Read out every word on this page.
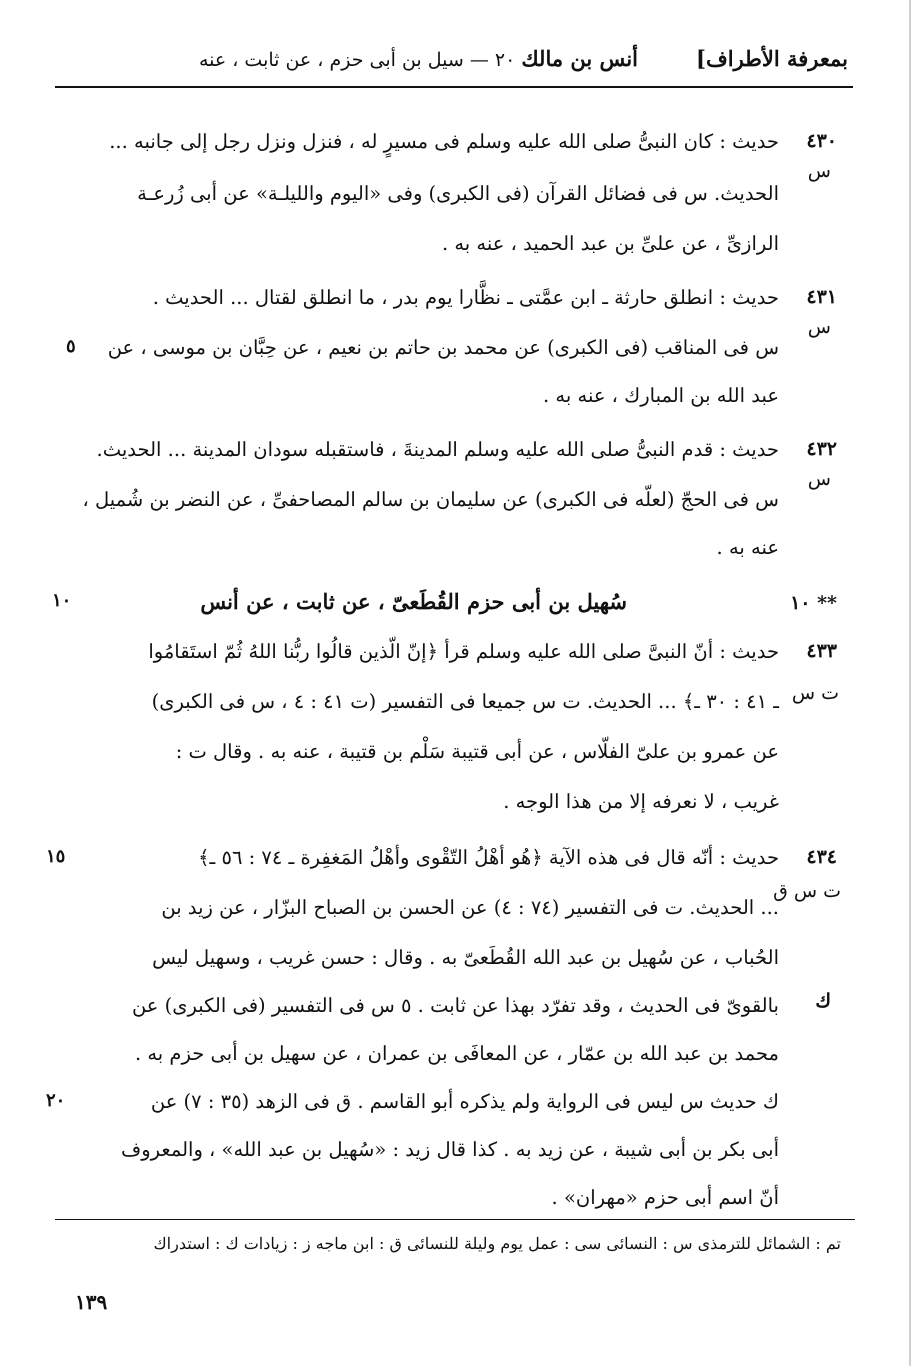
بمعرفة الأطراف]
أنس بن مالك ٢٠ — سيل بن أبى حزم ، عن ثابت ، عنه
٤٣٠
س
حديث : كان النبىُّ صلى الله عليه وسلم فى مسيرٍ له ، فنزل ونزل رجل إلى جانبه ...
الحديث. س فى فضائل القرآن (فى الكبرى) وفى «اليوم والليلـة» عن أبى زُرعـة
الرازىِّ ، عن علىِّ بن عبد الحميد ، عنه به .
٤٣١
س
حديث : انطلق حارثة ـ ابن عمَّتى ـ نظَّارا يوم بدر ، ما انطلق لقتال ... الحديث .
س فى المناقب (فى الكبرى) عن محمد بن حاتم بن نعيم ، عن حِبَّان بن موسى ، عن
عبد الله بن المبارك ، عنه به .
٥
٤٣٢
س
حديث : قدم النبىُّ صلى الله عليه وسلم المدينةَ ، فاستقبله سودان المدينة ... الحديث.
س فى الحجّ (لعلّه فى الكبرى) عن سليمان بن سالم المصاحفىِّ ، عن النضر بن شُميل ،
عنه به .
** ١٠
سُهيل بن أبى حزم القُطَعىّ ، عن ثابت ، عن أنس
١٠
٤٣٣
ت س
حديث : أنّ النبىَّ صلى الله عليه وسلم قرأ ﴿إنّ الّذين قالُوا ربُّنا اللهُ ثُمّ استَقامُوا
ـ ٤١ : ٣٠ ـ﴾ ... الحديث. ت س جميعا فى التفسير (ت ٤١ : ٤ ، س فى الكبرى)
عن عمرو بن علىّ الفلّاس ، عن أبى قتيبة سَلْم بن قتيبة ، عنه به . وقال ت :
غريب ، لا نعرفه إلا من هذا الوجه .
٤٣٤
ت س ق
ك
حديث : أنّه قال فى هذه الآية ﴿هُو أهْلُ التّقْوى وأهْلُ المَغفِرة ـ ٧٤ : ٥٦ ـ﴾
... الحديث. ت فى التفسير (٧٤ : ٤) عن الحسن بن الصباح البزّار ، عن زيد بن
الحُباب ، عن سُهيل بن عبد الله القُطَعىّ به . وقال : حسن غريب ، وسهيل ليس
بالقوىّ فى الحديث ، وقد تفرّد بهذا عن ثابت . ٥ س فى التفسير (فى الكبرى) عن
محمد بن عبد الله بن عمّار ، عن المعافَى بن عمران ، عن سهيل بن أبى حزم به .
ك حديث س ليس فى الرواية ولم يذكره أبو القاسم . ق فى الزهد (٣٥ : ٧) عن
أبى بكر بن أبى شيبة ، عن زيد به . كذا قال زيد : «سُهيل بن عبد الله» ، والمعروف
أنّ اسم أبى حزم «مهران» .
١٥
٢٠
تم : الشمائل للترمذى س : النسائى سى : عمل يوم وليلة للنسائى ق : ابن ماجه ز : زيادات ك : استدراك
١٣٩
